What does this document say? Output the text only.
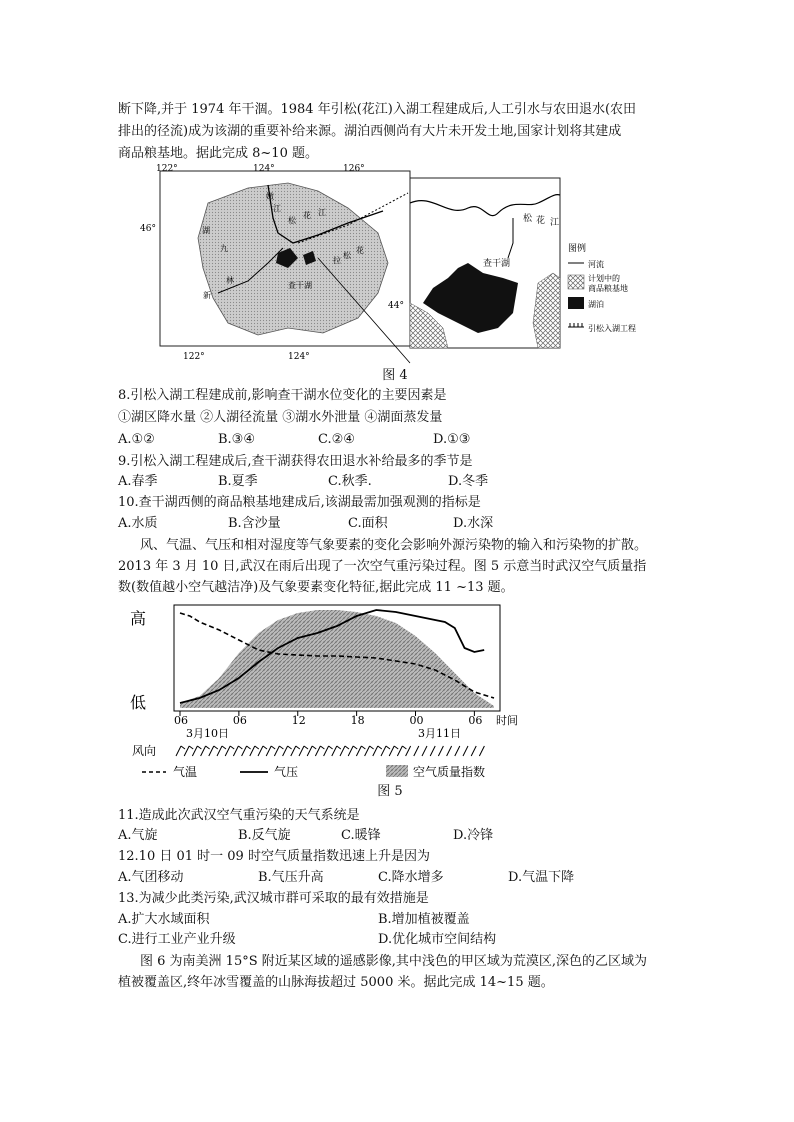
断下降,并于 1974 年干涸。1984 年引松(花江)入湖工程建成后,人工引水与农田退水(农田
排出的径流)成为该湖的重要补给来源。湖泊西侧尚有大片未开发土地,国家计划将其建成
商品粮基地。据此完成 8~10 题。
122°	124°	126°
122°	124°
46°
44°
嫩
江
松
花 江
湖
九
新
林
查干湖
拉
松
花
松 花 江
查干湖
图例
河流
计划中的
商品粮基地
湖泊
引松入湖工程
图 4
8.引松入湖工程建成前,影响查干湖水位变化的主要因素是
①湖区降水量 ②人湖径流量 ③湖水外泄量 ④湖面蒸发量
A.①②	B.③④	C.②④	D.①③
9.引松入湖工程建成后,查干湖获得农田退水补给最多的季节是
A.春季	B.夏季	C.秋季.	D.冬季
10.查干湖西侧的商品粮基地建成后,该湖最需加强观测的指标是
A.水质	B.含沙量	C.面积	D.水深
风、气温、气压和相对湿度等气象要素的变化会影响外源污染物的输入和污染物的扩散。
2013 年 3 月 10 日,武汉在雨后出现了一次空气重污染过程。图 5 示意当时武汉空气质量指
数(数值越小空气越洁净)及气象要素变化特征,据此完成 11 ~13 题。
高
低
06	06	12	18	00	06 时间
3月10日	3月11日
风向
气温	气压	空气质量指数
图 5
11.造成此次武汉空气重污染的天气系统是
A.气旋	B.反气旋	C.暖锋	D.冷锋
12.10 日 01 时一 09 时空气质量指数迅速上升是因为
A.气团移动	B.气压升高	C.降水增多	D.气温下降
13.为减少此类污染,武汉城市群可采取的最有效措施是
A.扩大水域面积	B.增加植被覆盖
C.进行工业产业升级	D.优化城市空间结构
图 6 为南美洲 15°S 附近某区域的遥感影像,其中浅色的甲区域为荒漠区,深色的乙区域为
植被覆盖区,终年冰雪覆盖的山脉海拔超过 5000 米。据此完成 14~15 题。
